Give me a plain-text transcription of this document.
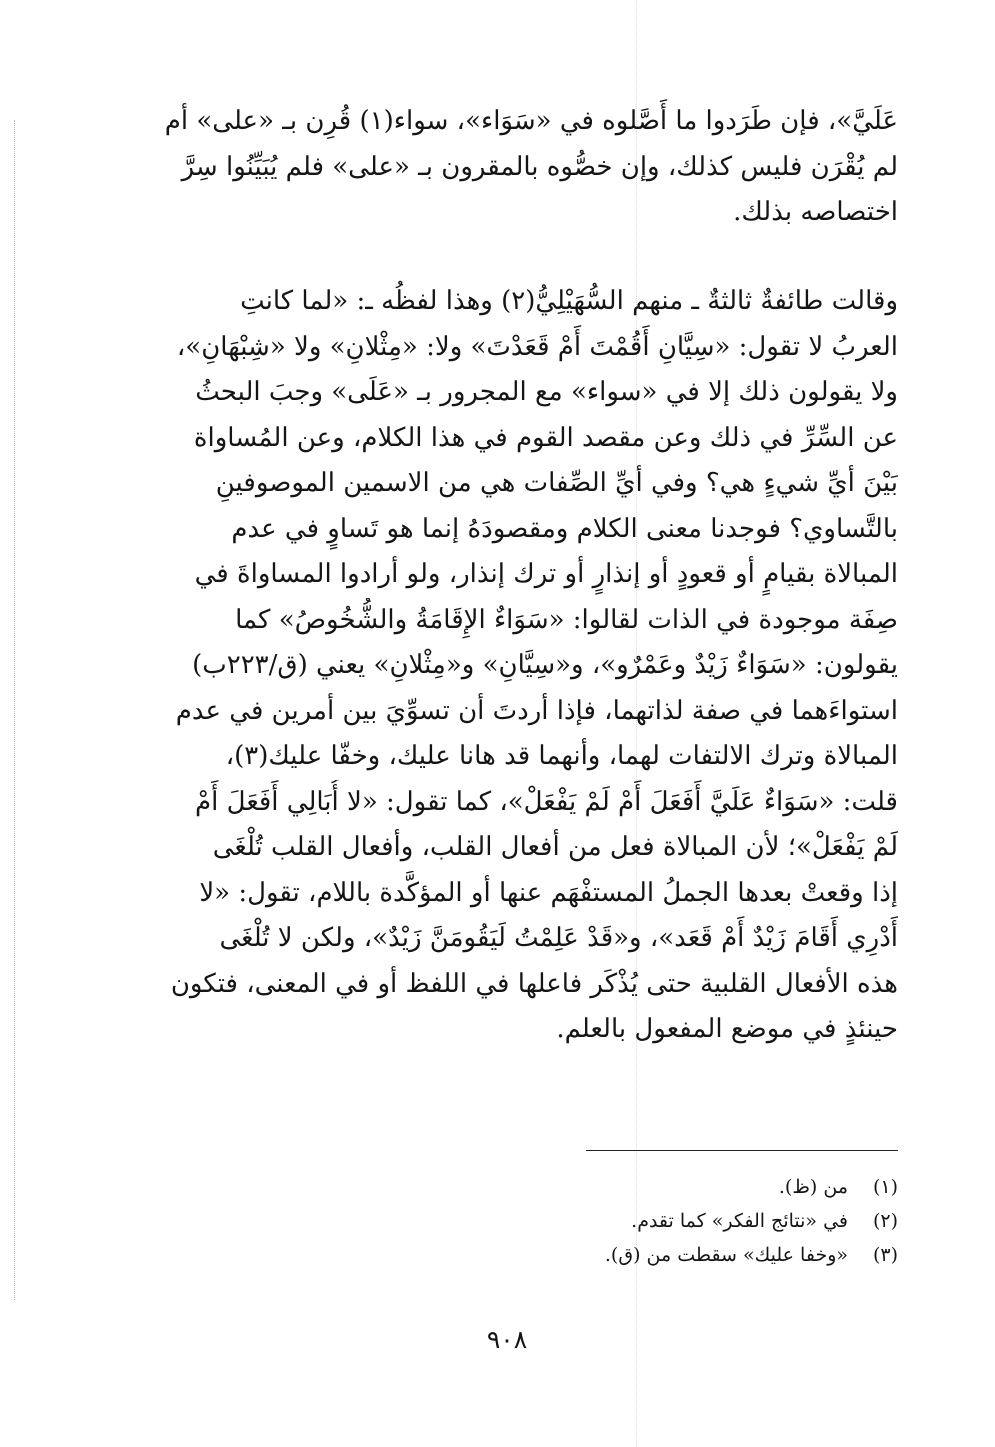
عَلَيَّ»، فإن طَرَدوا ما أَصَّلوه في «سَوَاء»، سواء(١) قُرِن بـ «على» أم
لم يُقْرَن فليس كذلك، وإن خصُّوه بالمقرون بـ «على» فلم يُبَيِّنُوا سِرَّ
اختصاصه بذلك.
وقالت طائفةٌ ثالثةٌ ـ منهم السُّهَيْلِيُّ(٢) وهذا لفظُه ـ: «لما كانتِ
العربُ لا تقول: «سِيَّانِ أَقُمْتَ أَمْ قَعَدْتَ» ولا: «مِثْلانِ» ولا «شِبْهَانِ»،
ولا يقولون ذلك إلا في «سواء» مع المجرور بـ «عَلَى» وجبَ البحثُ
عن السِّرِّ في ذلك وعن مقصد القوم في هذا الكلام، وعن المُساواة
بَيْنَ أيِّ شيءٍ هي؟ وفي أيِّ الصِّفات هي من الاسمين الموصوفينِ
بالتَّساوي؟ فوجدنا معنى الكلام ومقصودَهُ إنما هو تَساوٍ في عدم
المبالاة بقيامٍ أو قعودٍ أو إنذارٍ أو ترك إنذار، ولو أرادوا المساواةَ في
صِفَة موجودة في الذات لقالوا: «سَوَاءٌ الإِقَامَةُ والشُّخُوصُ» كما
يقولون: «سَوَاءٌ زَيْدٌ وعَمْرٌو»، و«سِيَّانِ» و«مِثْلانِ» يعني (ق/٢٢٣ب)
استواءَهما في صفة لذاتهما، فإذا أردتَ أن تسوِّيَ بين أمرين في عدم
المبالاة وترك الالتفات لهما، وأنهما قد هانا عليك، وخفّا عليك(٣)،
قلت: «سَوَاءٌ عَلَيَّ أَفَعَلَ أَمْ لَمْ يَفْعَلْ»، كما تقول: «لا أُبَالِي أَفَعَلَ أَمْ
لَمْ يَفْعَلْ»؛ لأن المبالاة فعل من أفعال القلب، وأفعال القلب تُلْغَى
إذا وقعتْ بعدها الجملُ المستفْهَم عنها أو المؤكَّدة باللام، تقول: «لا
أَدْرِي أَقَامَ زَيْدٌ أَمْ قَعَد»، و«قَدْ عَلِمْتُ لَيَقُومَنَّ زَيْدٌ»، ولكن لا تُلْغَى
هذه الأفعال القلبية حتى يُذْكَر فاعلها في اللفظ أو في المعنى، فتكون
حينئذٍ في موضع المفعول بالعلم.
(١)
من (ظ).
(٢)
في «نتائج الفكر» كما تقدم.
(٣)
«وخفا عليك» سقطت من (ق).
٩٠٨
